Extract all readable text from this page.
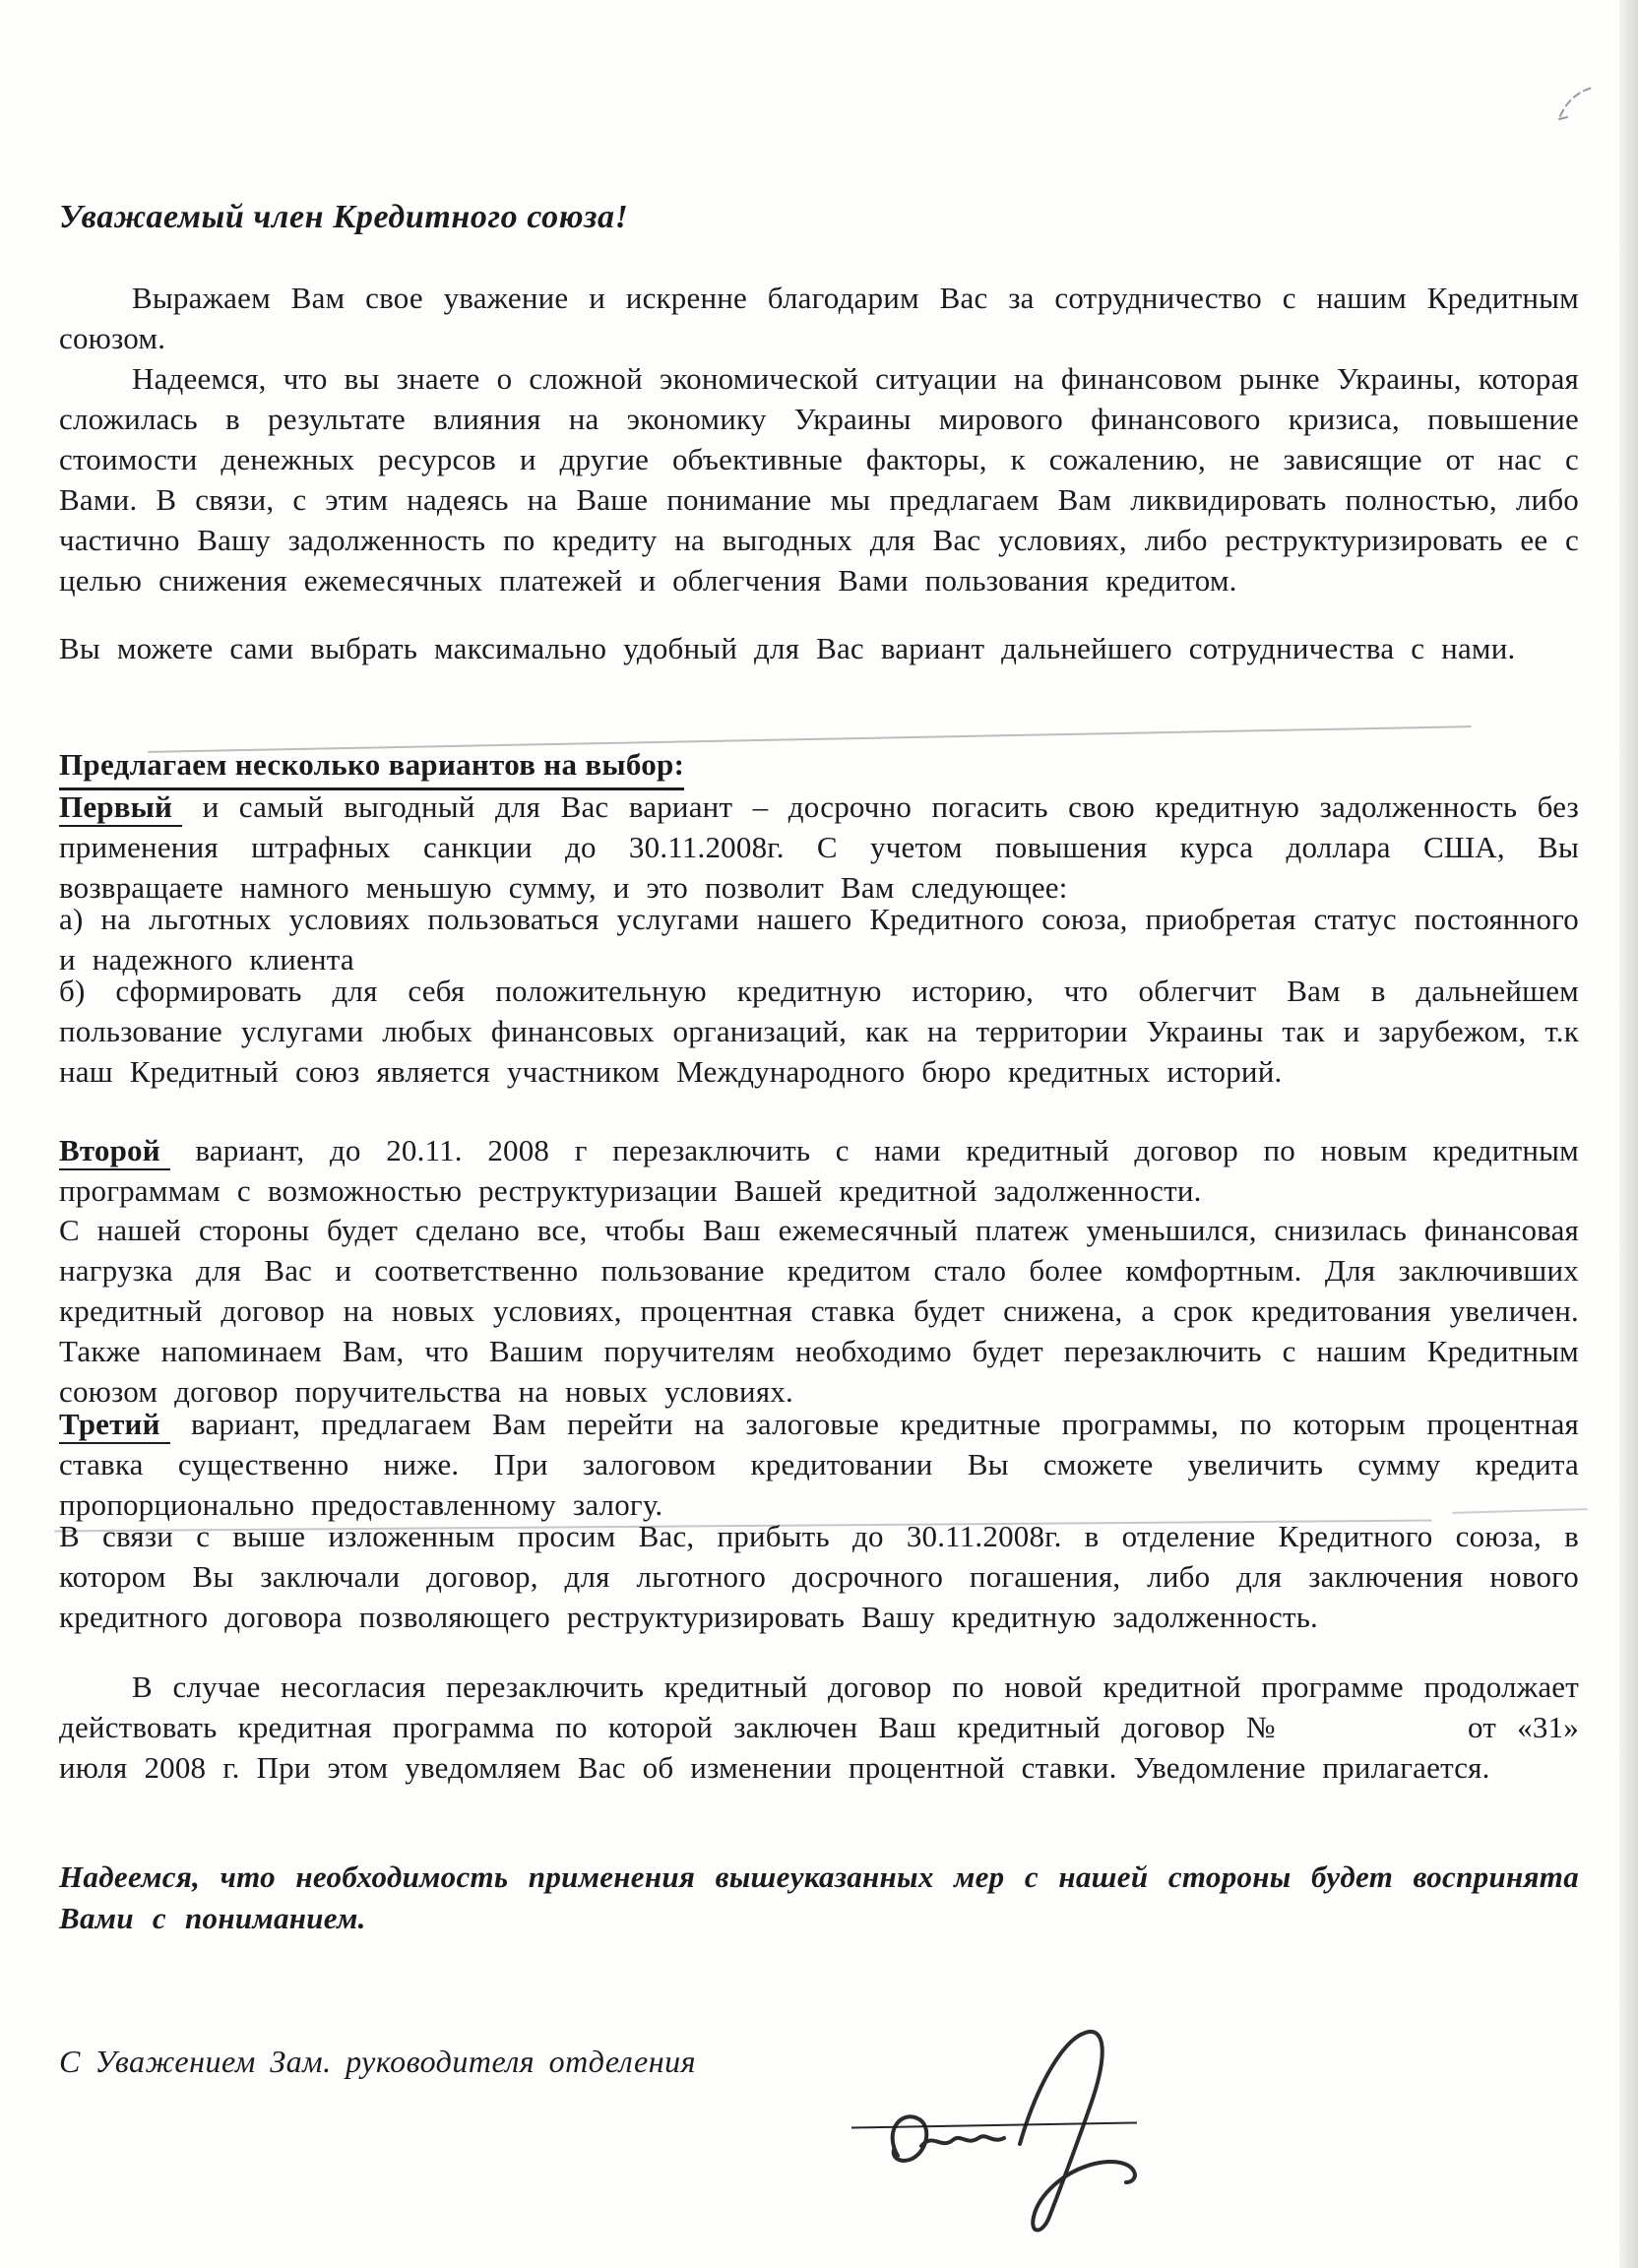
Уважаемый член Кредитного союза!

Выражаем Вам свое уважение и искренне благодарим Вас за сотрудничество с нашим Кредитным союзом.

Надеемся, что вы знаете о сложной экономической ситуации на финансовом рынке Украины, которая сложилась в результате влияния на экономику Украины мирового финансового кризиса, повышение стоимости денежных ресурсов и другие объективные факторы, к сожалению, не зависящие от нас с Вами. В связи, с этим надеясь на Ваше понимание мы предлагаем Вам ликвидировать полностью, либо частично Вашу задолженность по кредиту на выгодных для Вас условиях, либо реструктуризировать ее с целью снижения ежемесячных платежей и облегчения Вами пользования кредитом.

Вы можете сами выбрать максимально удобный для Вас вариант дальнейшего сотрудничества с нами.

Предлагаем несколько вариантов на выбор:

Первый и самый выгодный для Вас вариант – досрочно погасить свою кредитную задолженность без применения штрафных санкции до 30.11.2008г. С учетом повышения курса доллара США, Вы возвращаете намного меньшую сумму, и это позволит Вам следующее:

а) на льготных условиях пользоваться услугами нашего Кредитного союза, приобретая статус постоянного и надежного клиента

б) сформировать для себя положительную кредитную историю, что облегчит Вам в дальнейшем пользование услугами любых финансовых организаций, как на территории Украины так и зарубежом, т.к наш Кредитный союз является участником Международного бюро кредитных историй.

Второй вариант, до 20.11. 2008 г перезаключить с нами кредитный договор по новым кредитным программам с возможностью реструктуризации Вашей кредитной задолженности.

С нашей стороны будет сделано все, чтобы Ваш ежемесячный платеж уменьшился, снизилась финансовая нагрузка для Вас и соответственно пользование кредитом стало более комфортным. Для заключивших кредитный договор на новых условиях, процентная ставка будет снижена, а срок кредитования увеличен. Также напоминаем Вам, что Вашим поручителям необходимо будет перезаключить с нашим Кредитным союзом договор поручительства на новых условиях.

Третий вариант, предлагаем Вам перейти на залоговые кредитные программы, по которым процентная ставка существенно ниже. При залоговом кредитовании Вы сможете увеличить сумму кредита пропорционально предоставленному залогу.

В связи с выше изложенным просим Вас, прибыть до 30.11.2008г. в отделение Кредитного союза, в котором Вы заключали договор, для льготного досрочного погашения, либо для заключения нового кредитного договора позволяющего реструктуризировать Вашу кредитную задолженность.

В случае несогласия перезаключить кредитный договор по новой кредитной программе продолжает действовать кредитная программа по которой заключен Ваш кредитный договор №	от «31» июля 2008 г. При этом уведомляем Вас об изменении процентной ставки. Уведомление прилагается.

Надеемся, что необходимость применения вышеуказанных мер с нашей стороны будет воспринята Вами с пониманием.

С Уважением Зам. руководителя отделения
